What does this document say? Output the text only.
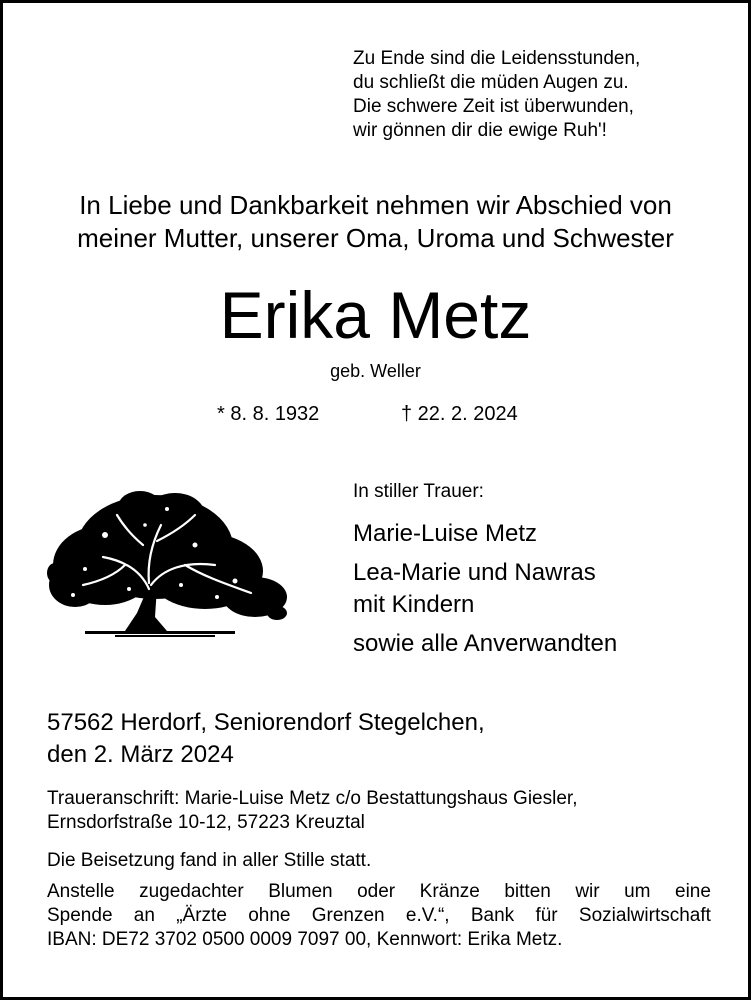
Zu Ende sind die Leidensstunden,
du schließt die müden Augen zu.
Die schwere Zeit ist überwunden,
wir gönnen dir die ewige Ruh'!
In Liebe und Dankbarkeit nehmen wir Abschied von
meiner Mutter, unserer Oma, Uroma und Schwester
Erika Metz
geb. Weller
* 8. 8. 1932	† 22. 2. 2024
In stiller Trauer:
Marie-Luise Metz
Lea-Marie und Nawras
mit Kindern
sowie alle Anverwandten
57562 Herdorf, Seniorendorf Stegelchen,
den 2. März 2024
Traueranschrift: Marie-Luise Metz c/o Bestattungshaus Giesler,
Ernsdorfstraße 10-12, 57223 Kreuztal
Die Beisetzung fand in aller Stille statt.
Anstelle zugedachter Blumen oder Kränze bitten wir um eine
Spende an „Ärzte ohne Grenzen e.V.“, Bank für Sozialwirtschaft
IBAN: DE72 3702 0500 0009 7097 00, Kennwort: Erika Metz.
